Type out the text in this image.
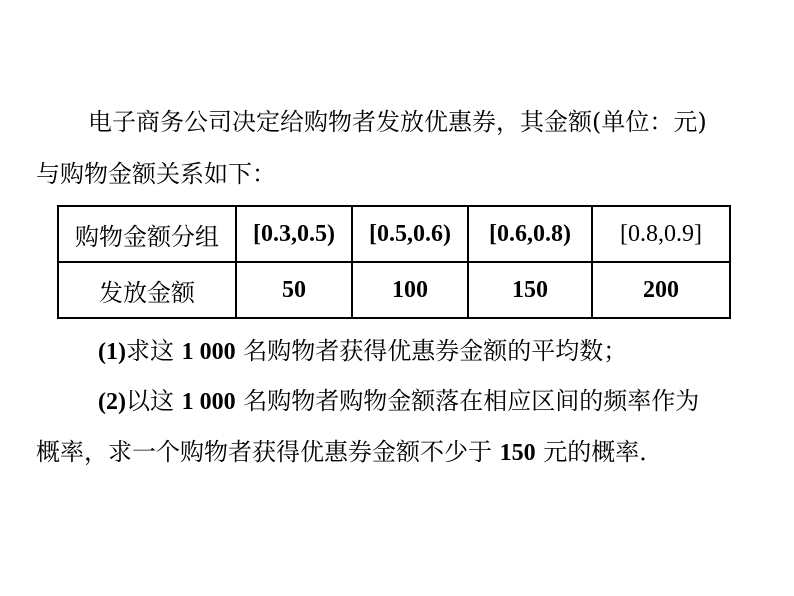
电子商务公司决定给购物者发放优惠券，其金额(单位：元)
与购物金额关系如下：
购物金额分组	[0.3,0.5)	[0.5,0.6)	[0.6,0.8)	[0.8,0.9]
发放金额	50	100	150	200
(1)求这 1 000 名购物者获得优惠券金额的平均数；
(2)以这 1 000 名购物者购物金额落在相应区间的频率作为
概率，求一个购物者获得优惠券金额不少于 150 元的概率．
